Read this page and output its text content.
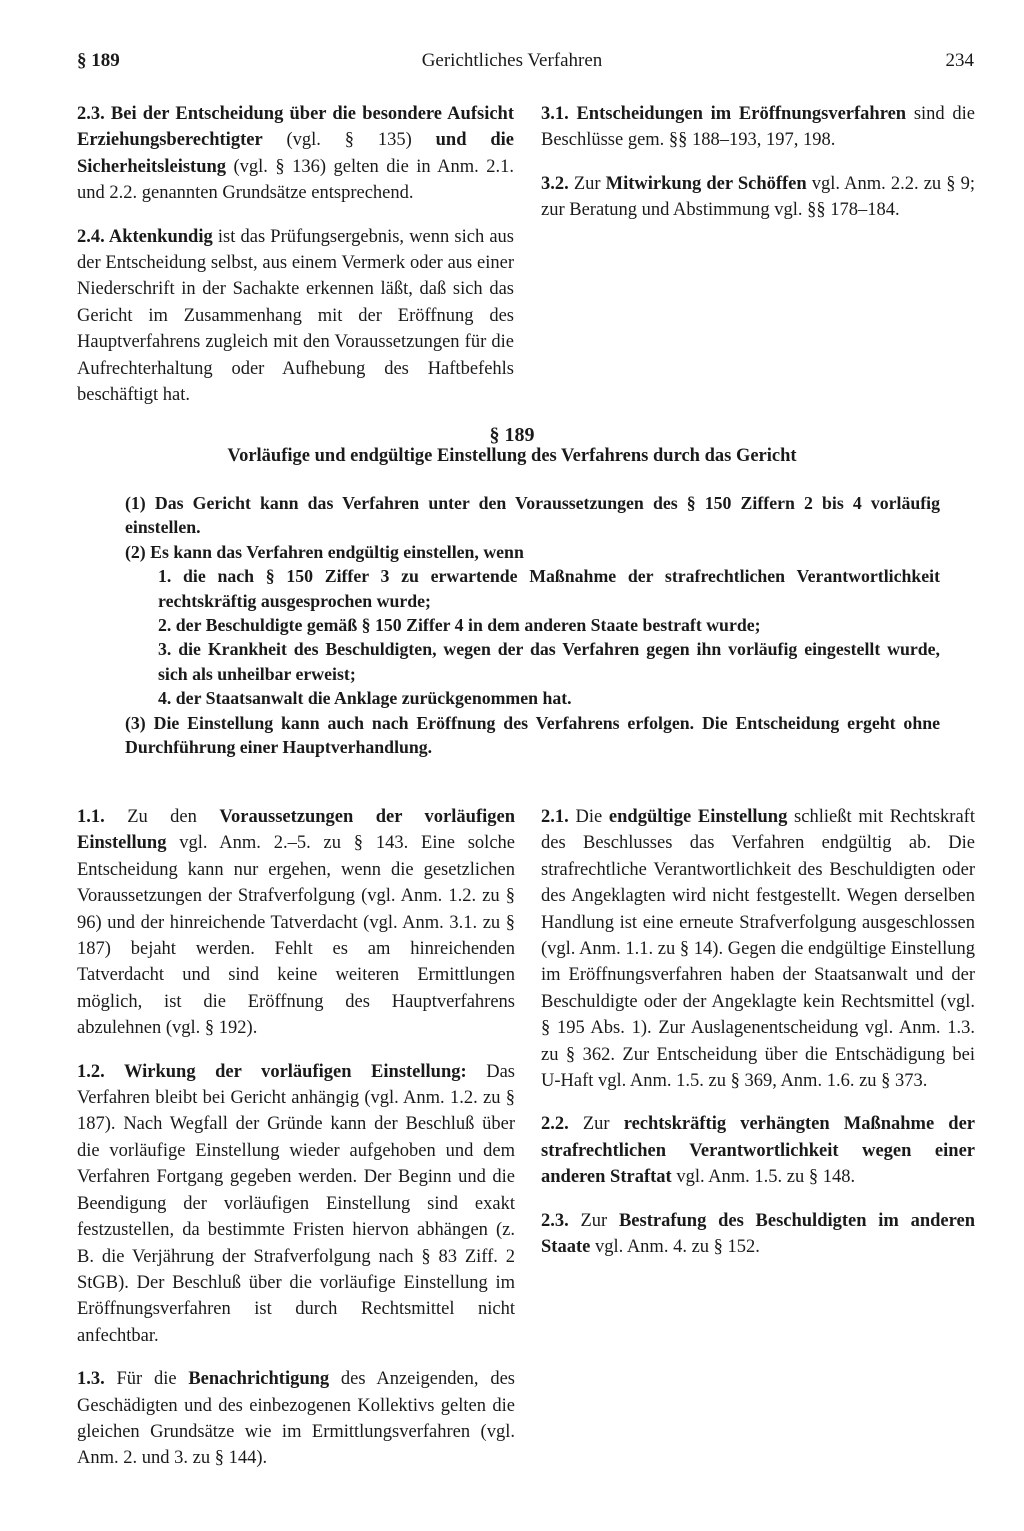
§ 189	Gerichtliches Verfahren	234

2.3. Bei der Entscheidung über die besondere Aufsicht Erziehungsberechtigter (vgl. § 135) und die Sicherheitsleistung (vgl. § 136) gelten die in Anm. 2.1. und 2.2. genannten Grundsätze entsprechend.

2.4. Aktenkundig ist das Prüfungsergebnis, wenn sich aus der Entscheidung selbst, aus einem Vermerk oder aus einer Niederschrift in der Sachakte erkennen läßt, daß sich das Gericht im Zusammenhang mit der Eröffnung des Hauptverfahrens zugleich mit den Voraussetzungen für die Aufrechterhaltung oder Aufhebung des Haftbefehls beschäftigt hat.

3.1. Entscheidungen im Eröffnungsverfahren sind die Beschlüsse gem. §§ 188–193, 197, 198.

3.2. Zur Mitwirkung der Schöffen vgl. Anm. 2.2. zu § 9; zur Beratung und Abstimmung vgl. §§ 178–184.

§ 189
Vorläufige und endgültige Einstellung des Verfahrens durch das Gericht

(1) Das Gericht kann das Verfahren unter den Voraussetzungen des § 150 Ziffern 2 bis 4 vorläufig einstellen.

(2) Es kann das Verfahren endgültig einstellen, wenn

1. die nach § 150 Ziffer 3 zu erwartende Maßnahme der strafrechtlichen Verantwortlichkeit rechtskräftig ausgesprochen wurde;

2. der Beschuldigte gemäß § 150 Ziffer 4 in dem anderen Staate bestraft wurde;

3. die Krankheit des Beschuldigten, wegen der das Verfahren gegen ihn vorläufig eingestellt wurde, sich als unheilbar erweist;

4. der Staatsanwalt die Anklage zurückgenommen hat.

(3) Die Einstellung kann auch nach Eröffnung des Verfahrens erfolgen. Die Entscheidung ergeht ohne Durchführung einer Hauptverhandlung.

1.1. Zu den Voraussetzungen der vorläufigen Einstellung vgl. Anm. 2.–5. zu § 143. Eine solche Entscheidung kann nur ergehen, wenn die gesetzlichen Voraussetzungen der Strafverfolgung (vgl. Anm. 1.2. zu § 96) und der hinreichende Tatverdacht (vgl. Anm. 3.1. zu § 187) bejaht werden. Fehlt es am hinreichenden Tatverdacht und sind keine weiteren Ermittlungen möglich, ist die Eröffnung des Hauptverfahrens abzulehnen (vgl. § 192).

1.2. Wirkung der vorläufigen Einstellung: Das Verfahren bleibt bei Gericht anhängig (vgl. Anm. 1.2. zu § 187). Nach Wegfall der Gründe kann der Beschluß über die vorläufige Einstellung wieder aufgehoben und dem Verfahren Fortgang gegeben werden. Der Beginn und die Beendigung der vorläufigen Einstellung sind exakt festzustellen, da bestimmte Fristen hiervon abhängen (z. B. die Verjährung der Strafverfolgung nach § 83 Ziff. 2 StGB). Der Beschluß über die vorläufige Einstellung im Eröffnungsverfahren ist durch Rechtsmittel nicht anfechtbar.

1.3. Für die Benachrichtigung des Anzeigenden, des Geschädigten und des einbezogenen Kollektivs gelten die gleichen Grundsätze wie im Ermittlungsverfahren (vgl. Anm. 2. und 3. zu § 144).

2.1. Die endgültige Einstellung schließt mit Rechtskraft des Beschlusses das Verfahren endgültig ab. Die strafrechtliche Verantwortlichkeit des Beschuldigten oder des Angeklagten wird nicht festgestellt. Wegen derselben Handlung ist eine erneute Strafverfolgung ausgeschlossen (vgl. Anm. 1.1. zu § 14). Gegen die endgültige Einstellung im Eröffnungsverfahren haben der Staatsanwalt und der Beschuldigte oder der Angeklagte kein Rechtsmittel (vgl. § 195 Abs. 1). Zur Auslagenentscheidung vgl. Anm. 1.3. zu § 362. Zur Entscheidung über die Entschädigung bei U-Haft vgl. Anm. 1.5. zu § 369, Anm. 1.6. zu § 373.

2.2. Zur rechtskräftig verhängten Maßnahme der strafrechtlichen Verantwortlichkeit wegen einer anderen Straftat vgl. Anm. 1.5. zu § 148.

2.3. Zur Bestrafung des Beschuldigten im anderen Staate vgl. Anm. 4. zu § 152.
